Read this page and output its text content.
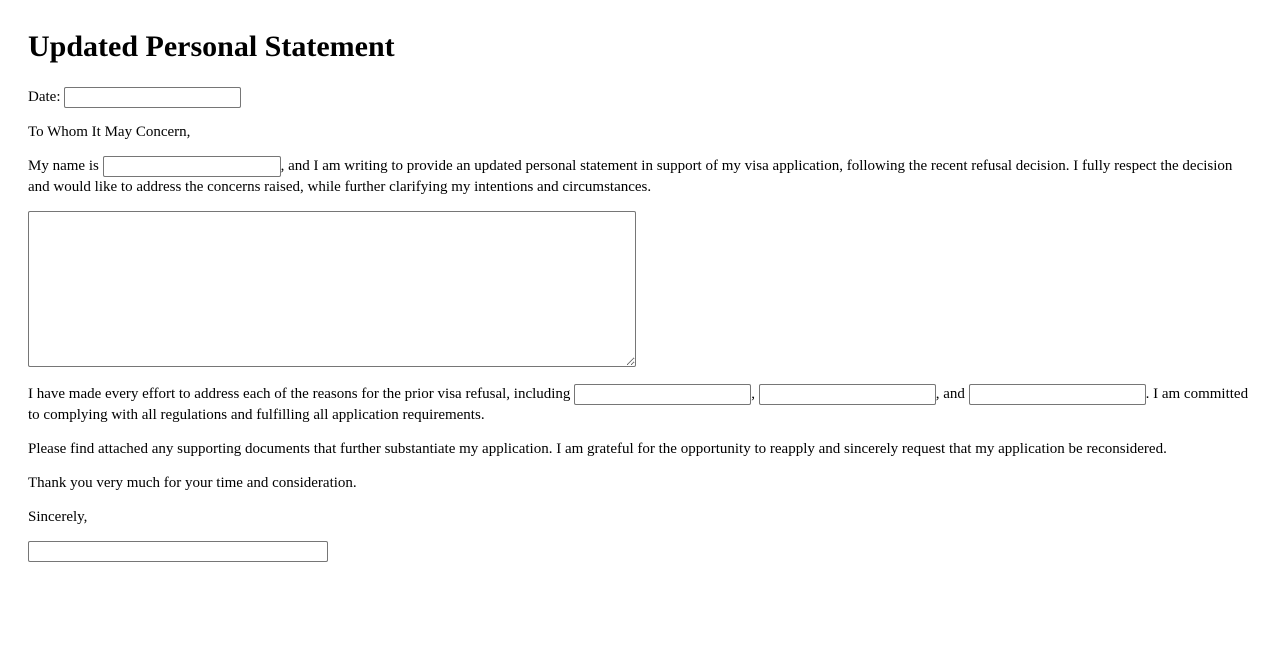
Updated Personal Statement

Date:

To Whom It May Concern,

My name is	, and I am writing to provide an updated personal statement in support of my visa application, following the recent refusal decision. I fully respect the decision and would like to address the concerns raised, while further clarifying my intentions and circumstances.

I have made every effort to address each of the reasons for the prior visa refusal, including	,	, and	. I am committed to complying with all regulations and fulfilling all application requirements.

Please find attached any supporting documents that further substantiate my application. I am grateful for the opportunity to reapply and sincerely request that my application be reconsidered.

Thank you very much for your time and consideration.

Sincerely,
